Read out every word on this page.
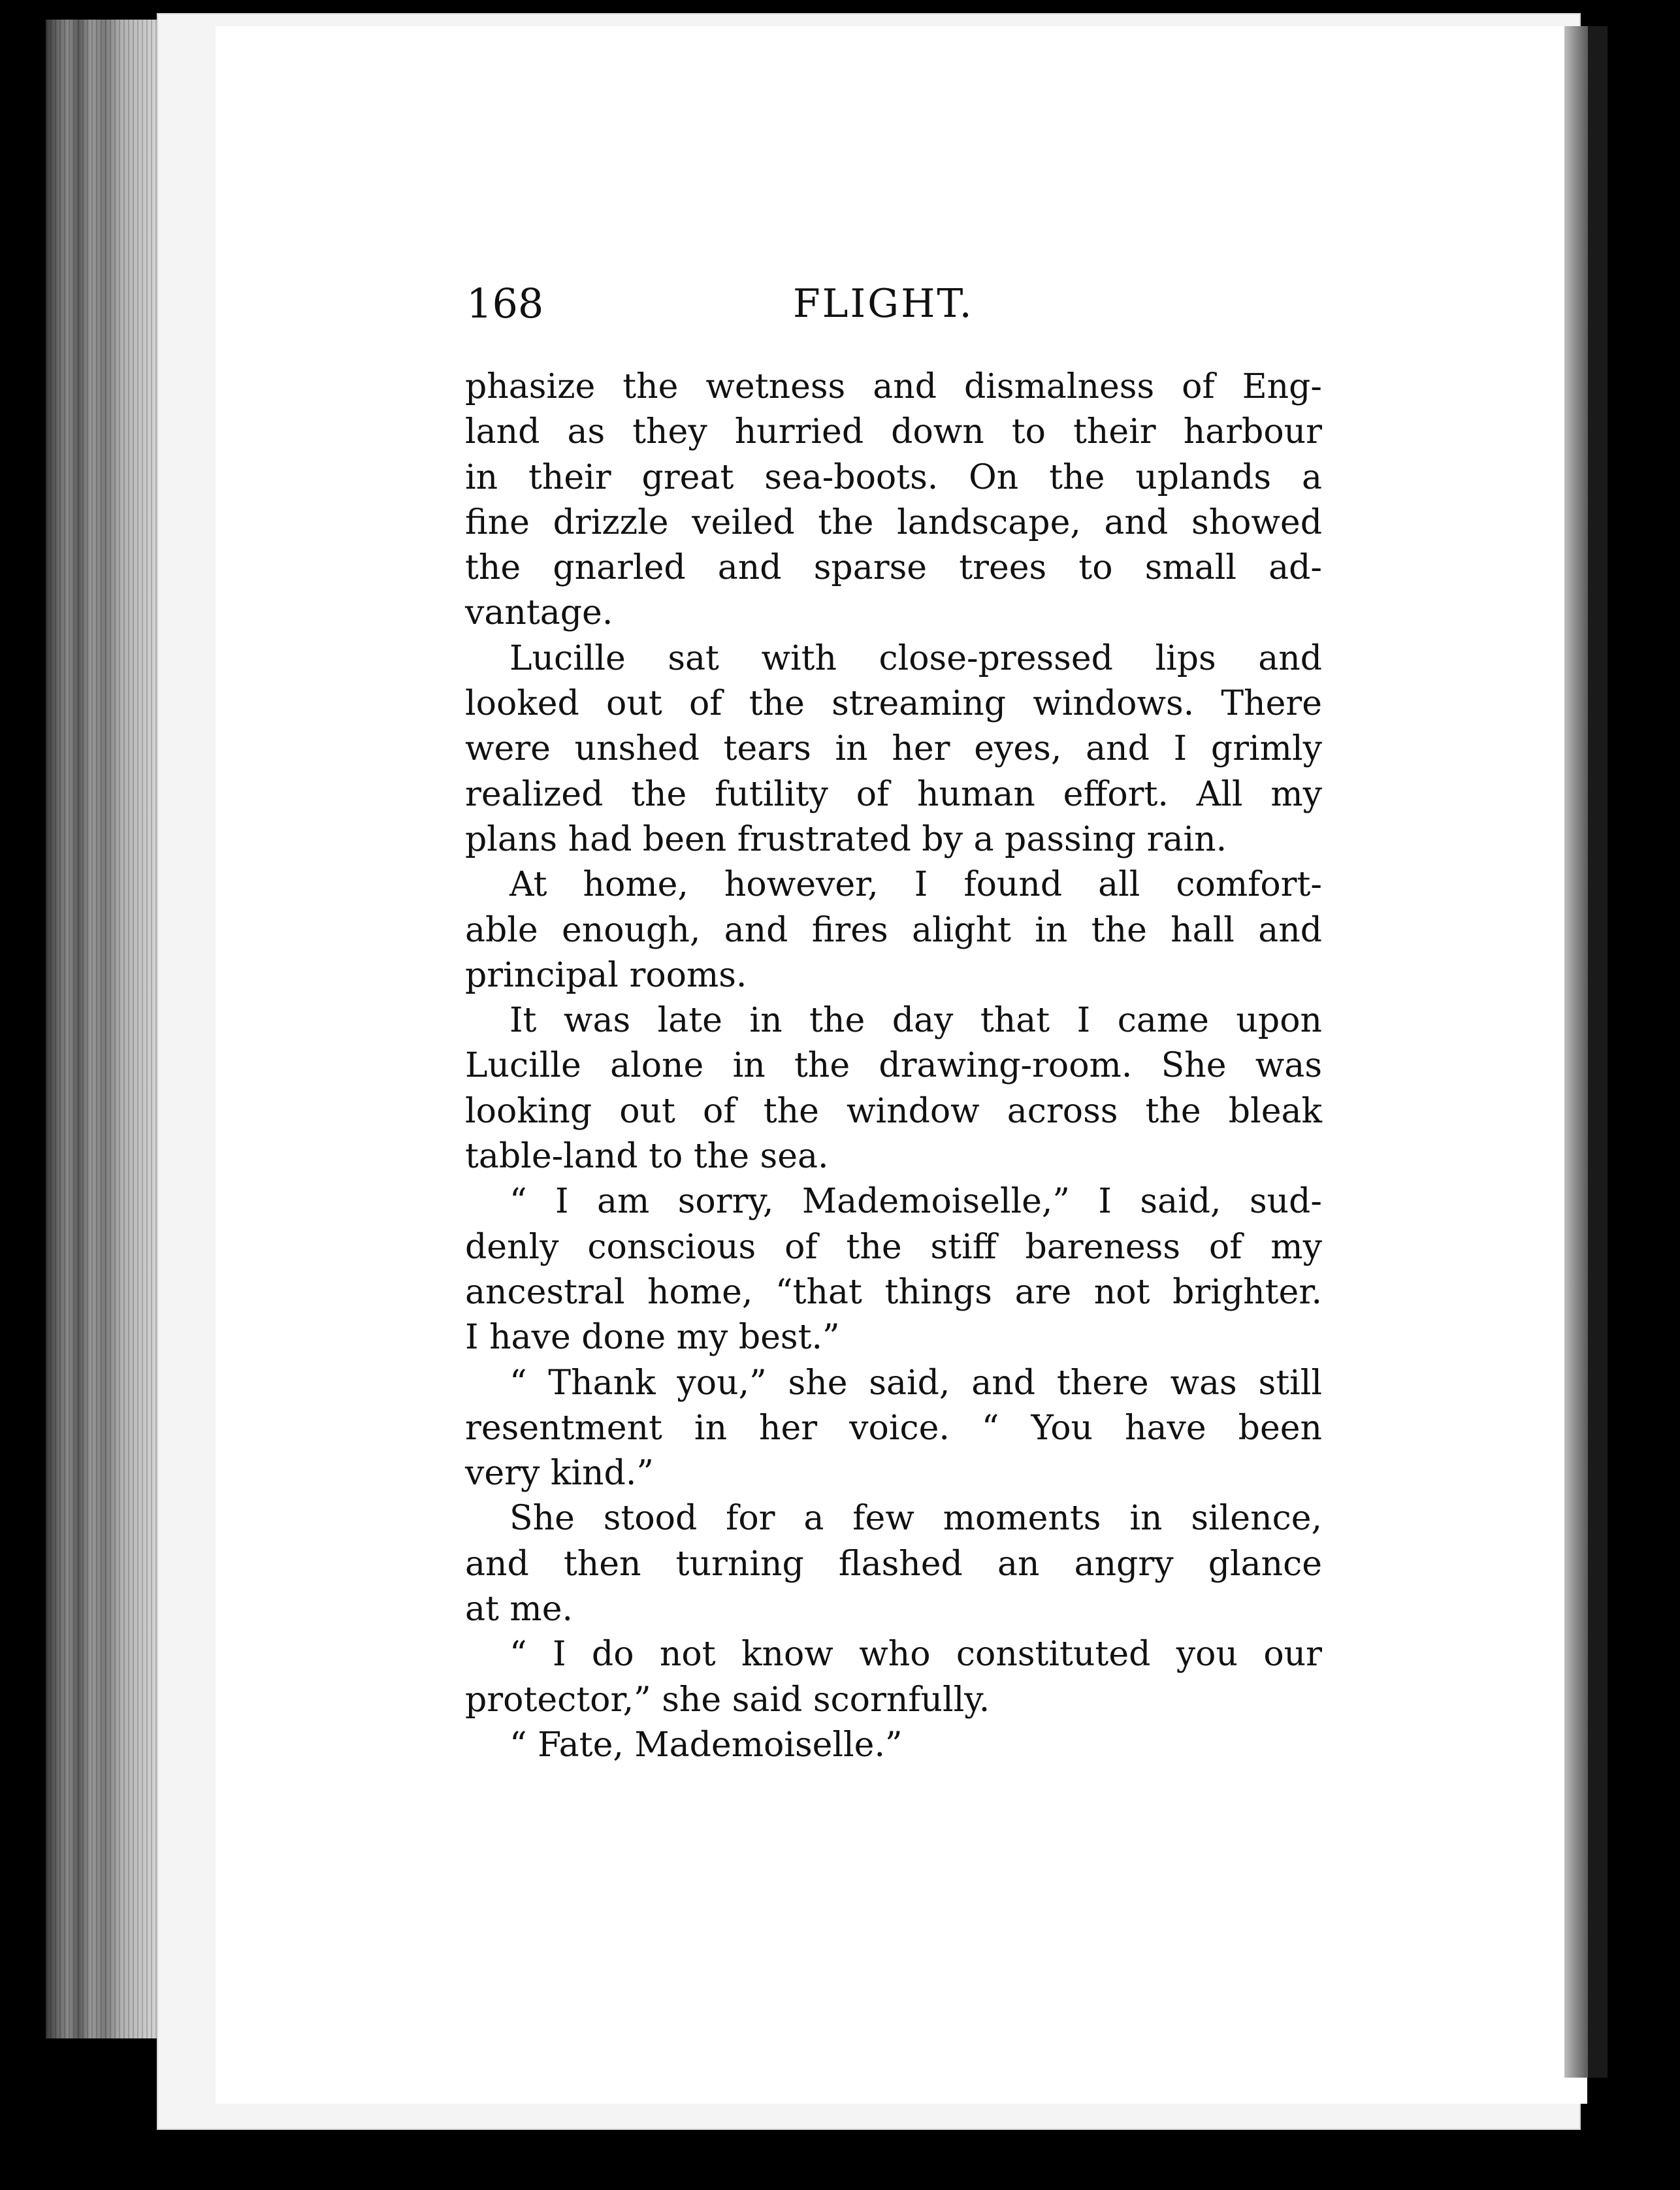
168	FLIGHT.
phasize the wetness and dismalness of Eng-
land as they hurried down to their harbour
in their great sea-boots. On the uplands a
fine drizzle veiled the landscape, and showed
the gnarled and sparse trees to small ad-
vantage.
Lucille sat with close-pressed lips and
looked out of the streaming windows. There
were unshed tears in her eyes, and I grimly
realized the futility of human effort. All my
plans had been frustrated by a passing rain.
At home, however, I found all comfort-
able enough, and fires alight in the hall and
principal rooms.
It was late in the day that I came upon
Lucille alone in the drawing-room. She was
looking out of the window across the bleak
table-land to the sea.
“ I am sorry, Mademoiselle,” I said, sud-
denly conscious of the stiff bareness of my
ancestral home, “that things are not brighter.
I have done my best.”
“ Thank you,” she said, and there was still
resentment in her voice. “ You have been
very kind.”
She stood for a few moments in silence,
and then turning flashed an angry glance
at me.
“ I do not know who constituted you our
protector,” she said scornfully.
“ Fate, Mademoiselle.”
